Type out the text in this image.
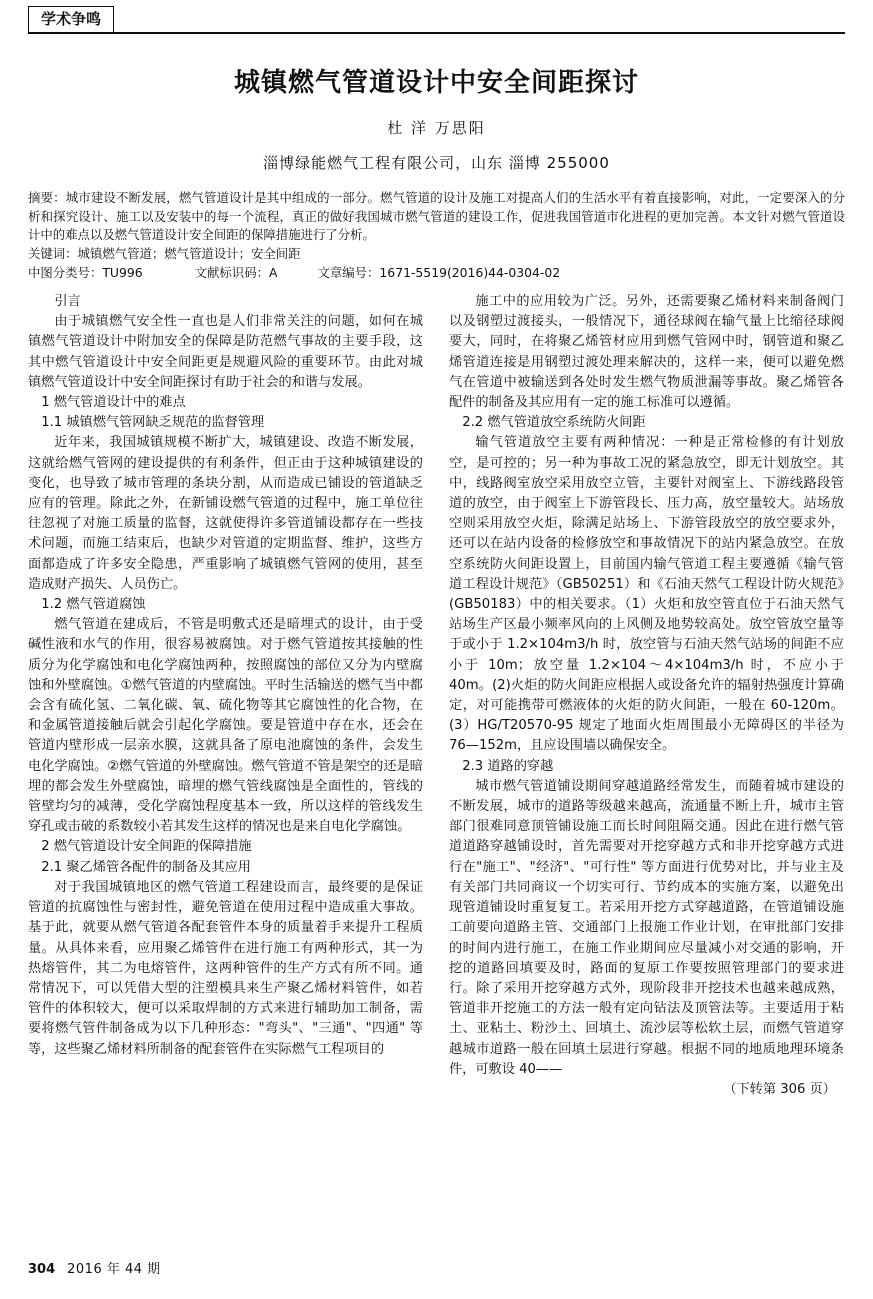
学术争鸣
城镇燃气管道设计中安全间距探讨
杜 洋 万思阳
淄博绿能燃气工程有限公司，山东 淄博 255000

摘要：城市建设不断发展，燃气管道设计是其中组成的一部分。燃气管道的设计及施工对提高人们的生活水平有着直接影响，对此，一定要深入的分析和探究设计、施工以及安装中的每一个流程，真正的做好我国城市燃气管道的建设工作，促进我国管道市化进程的更加完善。本文针对燃气管道设计中的难点以及燃气管道设计安全间距的保障措施进行了分析。

关键词：城镇燃气管道；燃气管道设计；安全间距

中图分类号：TU996	文献标识码：A	文章编号：1671-5519(2016)44-0304-02

引言

由于城镇燃气安全性一直也是人们非常关注的问题，如何在城镇燃气管道设计中附加安全的保障是防范燃气事故的主要手段，这其中燃气管道设计中安全间距更是规避风险的重要环节。由此对城镇燃气管道设计中安全间距探讨有助于社会的和谐与发展。

1 燃气管道设计中的难点

1.1 城镇燃气管网缺乏规范的监督管理

近年来，我国城镇规模不断扩大，城镇建设、改造不断发展，这就给燃气管网的建设提供的有利条件，但正由于这种城镇建设的变化，也导致了城市管理的条块分割，从而造成已铺设的管道缺乏应有的管理。除此之外，在新铺设燃气管道的过程中，施工单位往往忽视了对施工质量的监督，这就使得许多管道铺设都存在一些技术问题，而施工结束后，也缺少对管道的定期监督、维护，这些方面都造成了许多安全隐患，严重影响了城镇燃气管网的使用，甚至造成财产损失、人员伤亡。

1.2 燃气管道腐蚀

燃气管道在建成后，不管是明敷式还是暗埋式的设计，由于受碱性液和水气的作用，很容易被腐蚀。对于燃气管道按其接触的性质分为化学腐蚀和电化学腐蚀两种，按照腐蚀的部位又分为内壁腐蚀和外壁腐蚀。①燃气管道的内壁腐蚀。平时生活输送的燃气当中都会含有硫化氢、二氧化碳、氧、硫化物等其它腐蚀性的化合物，在和金属管道接触后就会引起化学腐蚀。要是管道中存在水，还会在管道内壁形成一层亲水膜，这就具备了原电池腐蚀的条件，会发生电化学腐蚀。②燃气管道的外壁腐蚀。燃气管道不管是架空的还是暗埋的都会发生外壁腐蚀，暗埋的燃气管线腐蚀是全面性的，管线的管壁均匀的减薄，受化学腐蚀程度基本一致，所以这样的管线发生穿孔或击破的系数较小若其发生这样的情况也是来自电化学腐蚀。

2 燃气管道设计安全间距的保障措施

2.1 聚乙烯管各配件的制备及其应用

对于我国城镇地区的燃气管道工程建设而言，最终要的是保证管道的抗腐蚀性与密封性，避免管道在使用过程中造成重大事故。基于此，就要从燃气管道各配套管件本身的质量着手来提升工程质量。从具体来看，应用聚乙烯管件在进行施工有两种形式，其一为热熔管件，其二为电熔管件，这两种管件的生产方式有所不同。通常情况下，可以凭借大型的注塑模具来生产聚乙烯材料管件，如若管件的体积较大，便可以采取焊制的方式来进行辅助加工制备，需要将燃气管件制备成为以下几种形态："弯头"、"三通"、"四通" 等等，这些聚乙烯材料所制备的配套管件在实际燃气工程项目的

施工中的应用较为广泛。另外，还需要聚乙烯材料来制备阀门以及钢塑过渡接头，一般情况下，通径球阀在输气量上比缩径球阀要大，同时，在将聚乙烯管材应用到燃气管网中时，钢管道和聚乙烯管道连接是用钢塑过渡处理来解决的，这样一来，便可以避免燃气在管道中被输送到各处时发生燃气物质泄漏等事故。聚乙烯管各配件的制备及其应用有一定的施工标准可以遵循。

2.2 燃气管道放空系统防火间距

输气管道放空主要有两种情况：一种是正常检修的有计划放空，是可控的；另一种为事故工况的紧急放空，即无计划放空。其中，线路阀室放空采用放空立管，主要针对阀室上、下游线路段管道的放空，由于阀室上下游管段长、压力高，放空量较大。站场放空则采用放空火炬，除满足站场上、下游管段放空的放空要求外，还可以在站内设备的检修放空和事故情况下的站内紧急放空。在放空系统防火间距设置上，目前国内输气管道工程主要遵循《输气管道工程设计规范》（GB50251）和《石油天然气工程设计防火规范》(GB50183）中的相关要求。（1）火炬和放空管直位于石油天然气站场生产区最小频率风向的上风侧及地势较高处。放空管放空量等于或小于 1.2×104m3/h 时，放空管与石油天然气站场的间距不应小于 10m；放空量 1.2×104～4×104m3/h 时，不应小于 40m。(2)火炬的防火间距应根据人或设备允许的辐射热强度计算确定，对可能携带可燃液体的火炬的防火间距，一般在 60-120m。(3）HG/T20570-95 规定了地面火炬周围最小无障碍区的半径为 76—152m，且应设围墙以确保安全。

2.3 道路的穿越

城市燃气管道铺设期间穿越道路经常发生，而随着城市建设的不断发展，城市的道路等级越来越高，流通量不断上升，城市主管部门很难同意顶管铺设施工而长时间阻隔交通。因此在进行燃气管道道路穿越铺设时，首先需要对开挖穿越方式和非开挖穿越方式进行在"施工"、"经济"、"可行性" 等方面进行优势对比，并与业主及有关部门共同商议一个切实可行、节约成本的实施方案，以避免出现管道铺设时重复复工。若采用开挖方式穿越道路，在管道铺设施工前要向道路主管、交通部门上报施工作业计划，在审批部门安排的时间内进行施工，在施工作业期间应尽量减小对交通的影响，开挖的道路回填要及时，路面的复原工作要按照管理部门的要求进行。除了采用开挖穿越方式外，现阶段非开挖技术也越来越成熟，管道非开挖施工的方法一般有定向钻法及顶管法等。主要适用于粘土、亚粘土、粉沙土、回填土、流沙层等松软土层，而燃气管道穿越城市道路一般在回填土层进行穿越。根据不同的地质地理环境条件，可敷设 40——

（下转第 306 页）

304 2016 年 44 期
